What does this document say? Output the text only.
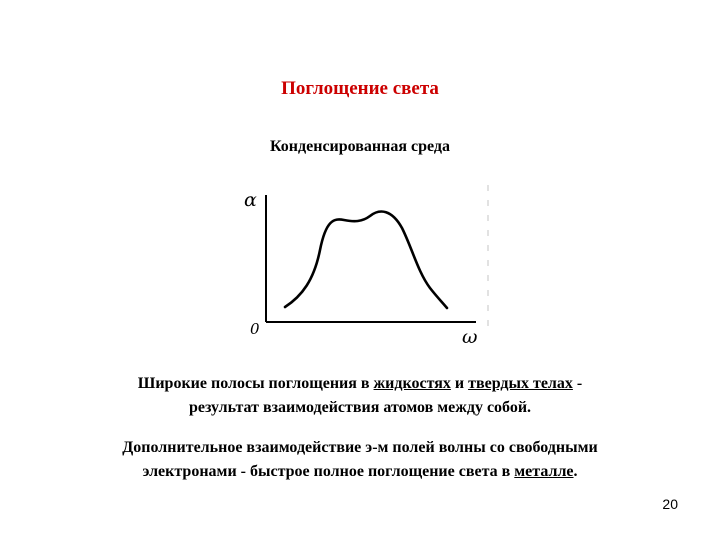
Поглощение света
Конденсированная среда
α
0	ω
Широкие полосы поглощения в жидкостях и твердых телах -
результат взаимодействия атомов между собой.
Дополнительное взаимодействие э-м полей волны со свободными
электронами - быстрое полное поглощение света в металле.
20
